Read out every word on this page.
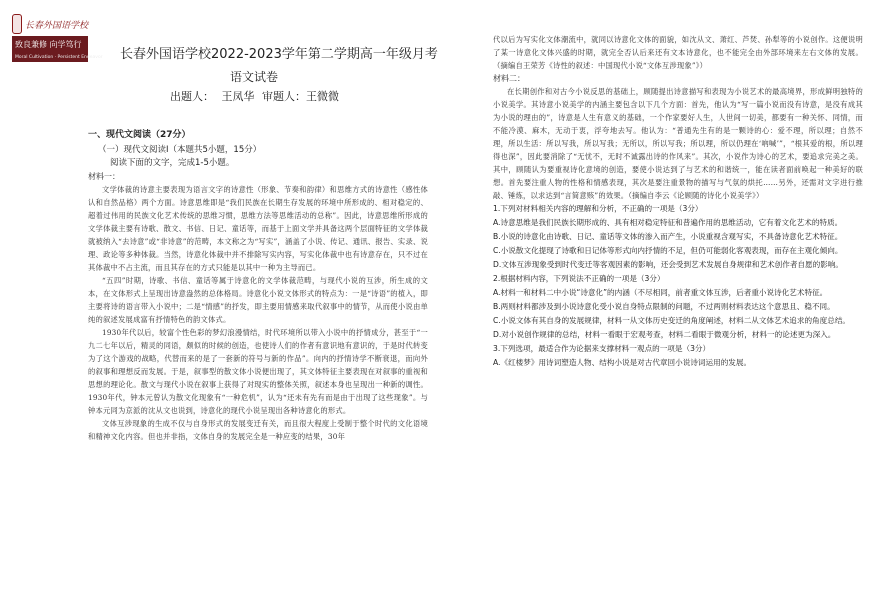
长春外国语学校
致良兼修 向学笃行
Moral Cultivation · Persistent Endeavor 长春外国语学校2022-2023学年第二学期高一年级月考
语文试卷
出题人： 王凤华 审题人：王微微

一、现代文阅读（27分）

（一）现代文阅读Ⅰ（本题共5小题，15分）

阅读下面的文字，完成1-5小题。

材料一：

文学体裁的诗意主要表现为语言文字的诗意性（形象、节奏和韵律）和思维方式的诗意性（感性体认和自然品格）两个方面。诗意思维即是“我们民族在长期生存发展的环境中所形成的、相对稳定的、超着过伟用的民族文化艺术传统的思维习惯，思维方法等思维活动的总称”。因此，诗意思维所形成的文学体裁主要有诗歌、散文、书信、日记、童话等，而基于上面文学并具备这两个层面特征的文学体裁就被纳入“去诗意”或“非诗意”的范畴，本文称之为“写实”，涵盖了小说、传记、通讯、报告、实录、说理、政论等多种体裁。当然，诗意化体裁中并不排除写实内容，写实化体裁中也有诗意存在，只不过在其体裁中不占主流，而且其存在的方式只能是以其中一种为主导而已。

“五四”时期，诗歌、书信、童话等属于诗意化的文学体裁范畴，与现代小说的互涉，所生成的文本，在文体形式上呈现出诗意盎然的总体格局。诗意化小说文体形式的特点为：一是“诗语”的植入，即主要将诗的语言带入小说中；二是“情感”的抒发，即主要用情感来取代叙事中的情节，从而使小说由单纯的叙述发展成富有抒情特色的韵文体式。

1930年代以后，较富个性色彩的梦幻浪漫情结，时代环境所以带入小说中的抒情成分，甚至于“一九二七年以后，精灵的同语，颇似的时候的创造，也使诗人们的作者有意识地有意识的，于是时代转变为了这个游戏的战略，代替而来的是了一套新的符号与新的作品”。向内的抒情诗学不断衰退，而向外的叙事和理想反而发展。于是，叙事型的散文体小说便出现了，其文体特征主要表现在对叙事的重视和思想的理论化。散文与现代小说在叙事上获得了对现实的整体关照，叙述本身也呈现出一种新的调性。1930年代，钟本元曾认为散文化现象有“一种危机”，认为“还未有先有而是由于出现了这些现象”。与钟本元同为京派的沈从文也说到，诗意化的现代小说呈现出各种诗意化的形式。

文体互涉现象的生成不仅与自身形式的发展变迁有关，而且很大程度上受制于整个时代的文化语境和精神文化内容。但也并非指，文体自身的发展完全是一种应变的结果，30年

代以后为写实化文体潮流中，就同以诗意化文体的面貌，如沈从文、萧红、芦焚、孙犁等的小说创作。这便说明了某一诗意化文体兴盛的时期，就完全否认后来还有文本诗意化，也不能完全由外部环境来左右文体的发展。（摘编自王荣芳《诗性的叙述：中国现代小说“文体互涉现象”》）

材料二：

在长期创作和对古今小说反思的基础上，顾随提出诗意描写和表现为小说艺术的最高境界，形成鲜明独特的小说美学。其诗意小说美学的内涵主要包含以下几个方面：首先，他认为“写一篇小说而没有诗意，是没有成其为小说的理由的”，诗意是人生有意义的基础，一个作家要好人生，人世间一切美，都要有一种关怀、同情，而不能冷漠、麻木，无动于衷，浮夸地去写。他认为：“普通先生有的是一颗诗的心：爱不理，所以理；自然不理，所以生活：所以写我，所以写我；无所以，所以写我；所以理，所以仍理在‘吶喊’”，“根其爱的根，所以理得也深”，因此要消除了“无忧不，无时不诚露出诗的作风来”。其次，小说作为诗心的艺术，要追求完美之美。其中，顾随认为要重视诗化意境的创造，要使小说达到了与艺术的和谐统一，能在读者面前唤起一种美好的联想。首先要注重人物的性格和情感表现，其次是要注重景物的描写与气氛的烘托……另外，还需对文字进行推敲、锤炼，以求达到“言简意赅”的效果。（摘编自李云《论顾随的诗化小说美学》）

1.下列对材料相关内容的理解和分析，不正确的一项是（3分）

A.诗意思维是我们民族长期形成的、具有相对稳定特征和普遍作用的思维活动，它有着文化艺术的特质。

B.小说的诗意化由诗歌、日记、童话等文体的渗入而产生，小说重视含观写实，不具备诗意化艺术特征。

C.小说散文化提现了诗歌和日记体等形式向内抒情的不足，但仍可能弱化客观表现，而存在主观化倾向。

D.文体互涉现象受到时代变迁等客观因素的影响，还会受到艺术发展自身规律和艺术创作者自愿的影响。

2.根据材料内容，下列说法不正确的一项是（3分）

A.材料一和材料二中小说“诗意化”的内涵（不尽相同，前者重文体互涉，后者重小说诗化艺术特征。

B.两则材料都涉及到小说诗意化受小说自身特点限制的问题，不过两则材料表达这个意思且、稳不同。

C.小说文体有其自身的发展规律，材料一从文体历史变迁的角度阐述，材料二从文体艺术追求的角度总结。

D.对小说创作规律的总结，材料一看眼于宏观考查，材料二看眼于微观分析，材料一的论述更为深入。

3.下列选项，最适合作为论据来支撑材料一观点的一项是（3分）

A.《红楼梦》用诗词塑造人物、结构小说是对古代章回小说诗词运用的发展。
